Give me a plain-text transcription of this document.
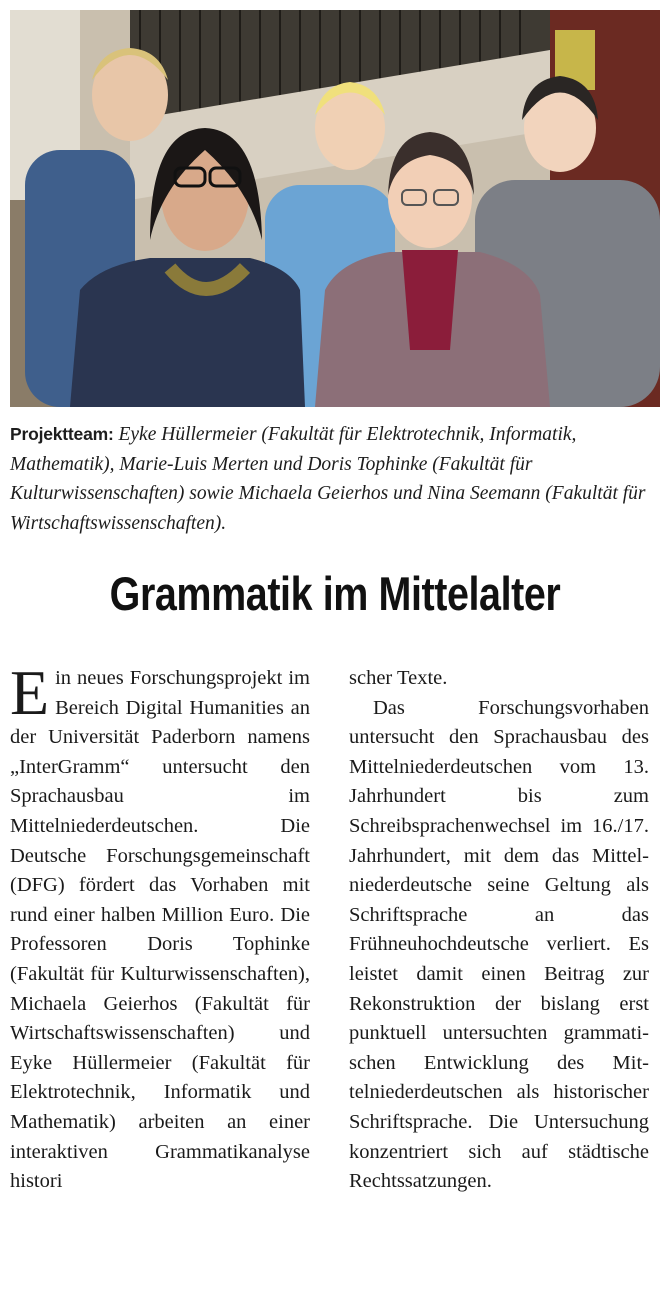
Projektteam: Eyke Hüllermeier (Fakultät für Elektrotechnik, Informatik, Mathematik), Marie-Luis Merten und Doris Tophinke (Fakultät für Kulturwissenschaften) sowie Michaela Geierhos und Nina Seemann (Fakultät für Wirtschaftswissenschaften).
Grammatik im Mittelalter

E in neues Forschungsprojekt im Bereich Digital Humanities an der Universität Paderborn namens „InterGramm“ untersucht den Sprachausbau im Mittelniederdeutschen. Die Deutsche Forschungsgemeinschaft (DFG) fördert das Vorhaben mit rund einer halben Million Euro. Die Professoren Doris Tophinke (Fakultät für Kulturwissenschaften), Michaela Geierhos (Fakultät für Wirtschaftswissenschaften) und Eyke Hüllermeier (Fakultät für Elektrotechnik, Informatik und Mathematik) arbeiten an einer interaktiven Grammatikanalyse histori

scher Texte.

Das Forschungsvorhaben untersucht den Sprachausbau des Mittelniederdeutschen vom 13. Jahrhundert bis zum Schreibsprachenwechsel im 16./17. Jahrhundert, mit dem das Mittelniederdeutsche seine Geltung als Schriftsprache an das Frühneuhochdeutsche verliert. Es leistet damit einen Beitrag zur Rekonstruktion der bislang erst punktuell untersuchten grammatischen Entwicklung des Mittelniederdeutschen als historischer Schriftsprache. Die Untersuchung konzentriert sich auf städtische Rechtssatzungen.
